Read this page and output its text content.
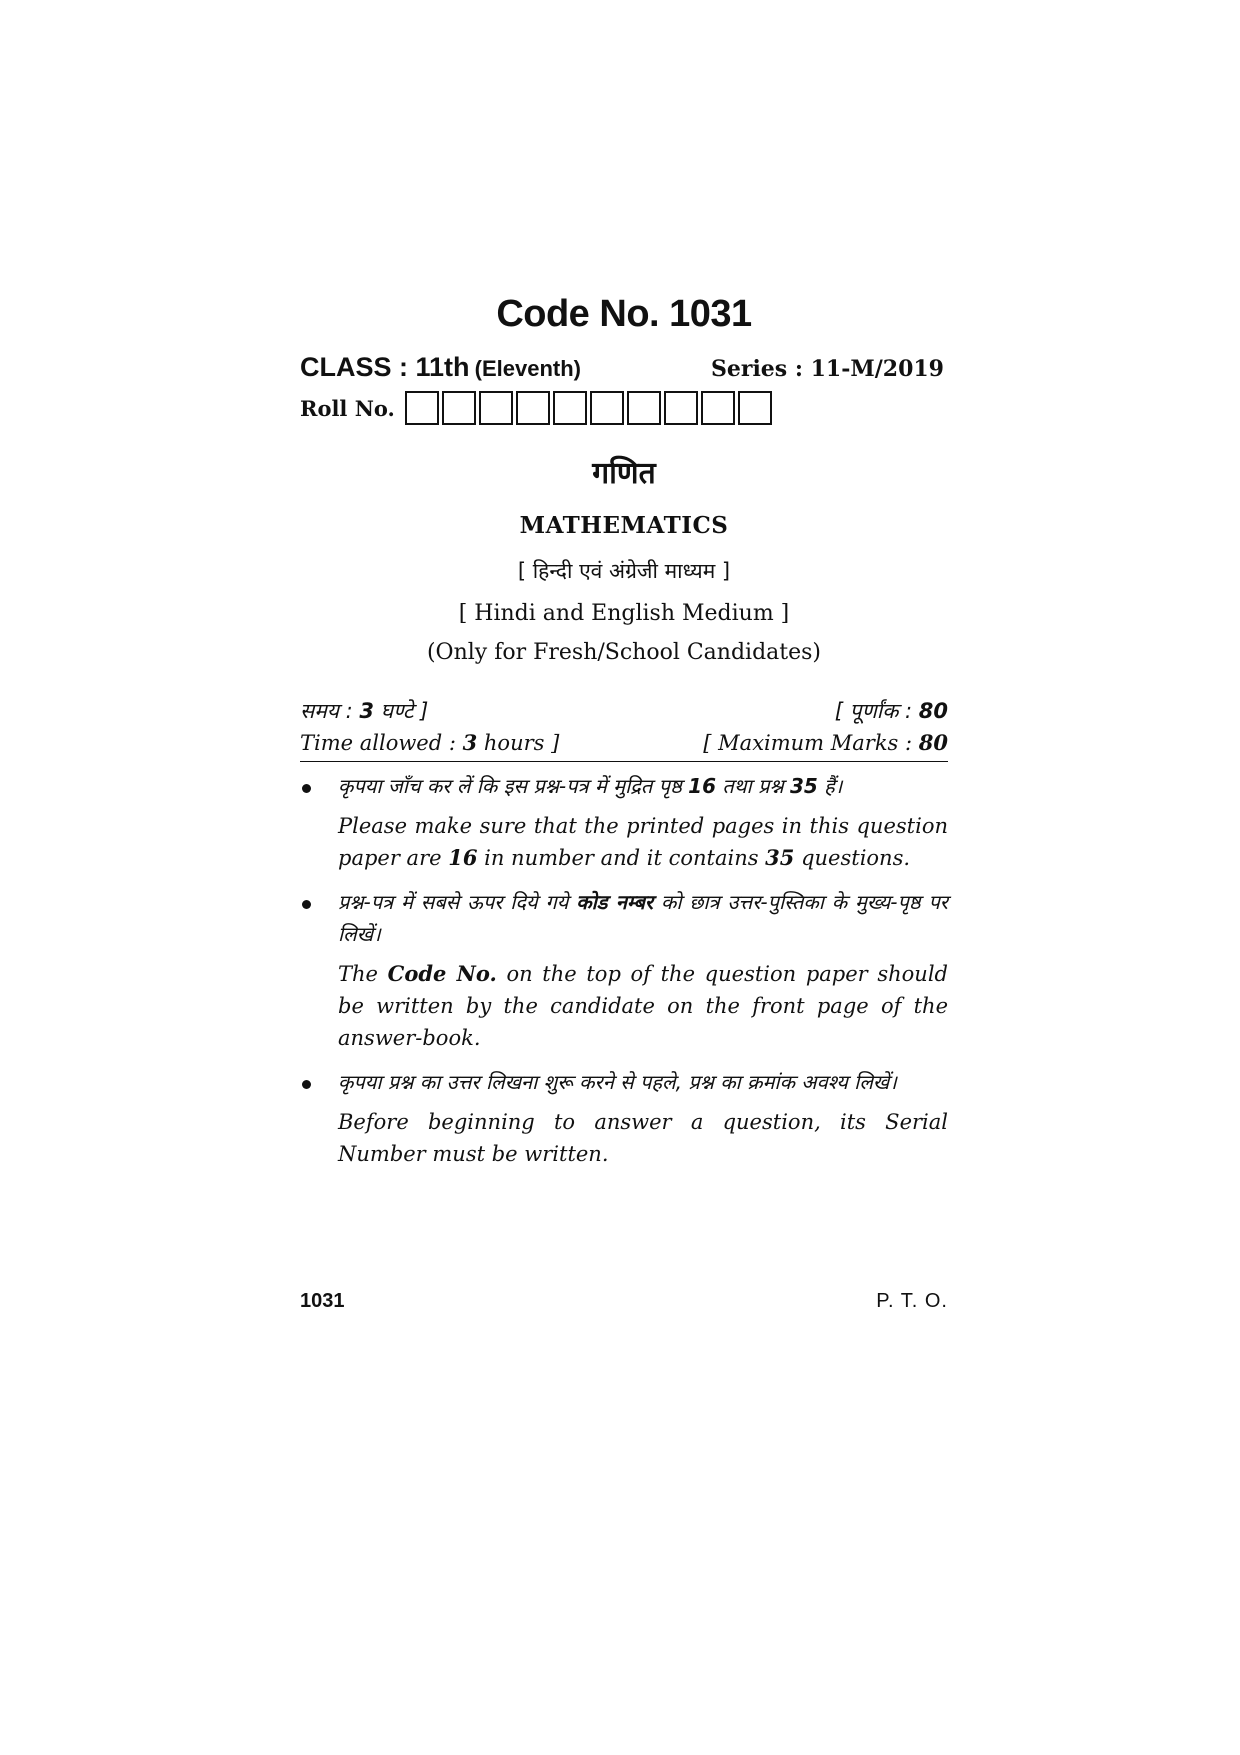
Code No. 1031
CLASS : 11th (Eleventh)	Series : 11-M/2019
Roll No.
गणित
MATHEMATICS
[ हिन्दी एवं अंग्रेजी माध्यम ]
[ Hindi and English Medium ]
(Only for Fresh/School Candidates)
समय : 3 घण्टे ]	[ पूर्णांक : 80
Time allowed : 3 hours ]	[ Maximum Marks : 80
कृपया जाँच कर लें कि इस प्रश्न-पत्र में मुद्रित पृष्ठ 16 तथा प्रश्न 35 हैं।
Please make sure that the printed pages in this question paper are 16 in number and it contains 35 questions.
प्रश्न-पत्र में सबसे ऊपर दिये गये कोड नम्बर को छात्र उत्तर-पुस्तिका के मुख्य-पृष्ठ पर लिखें।
The Code No. on the top of the question paper should be written by the candidate on the front page of the answer-book.
कृपया प्रश्न का उत्तर लिखना शुरू करने से पहले, प्रश्न का क्रमांक अवश्य लिखें।
Before beginning to answer a question, its Serial Number must be written.
1031	P. T. O.
